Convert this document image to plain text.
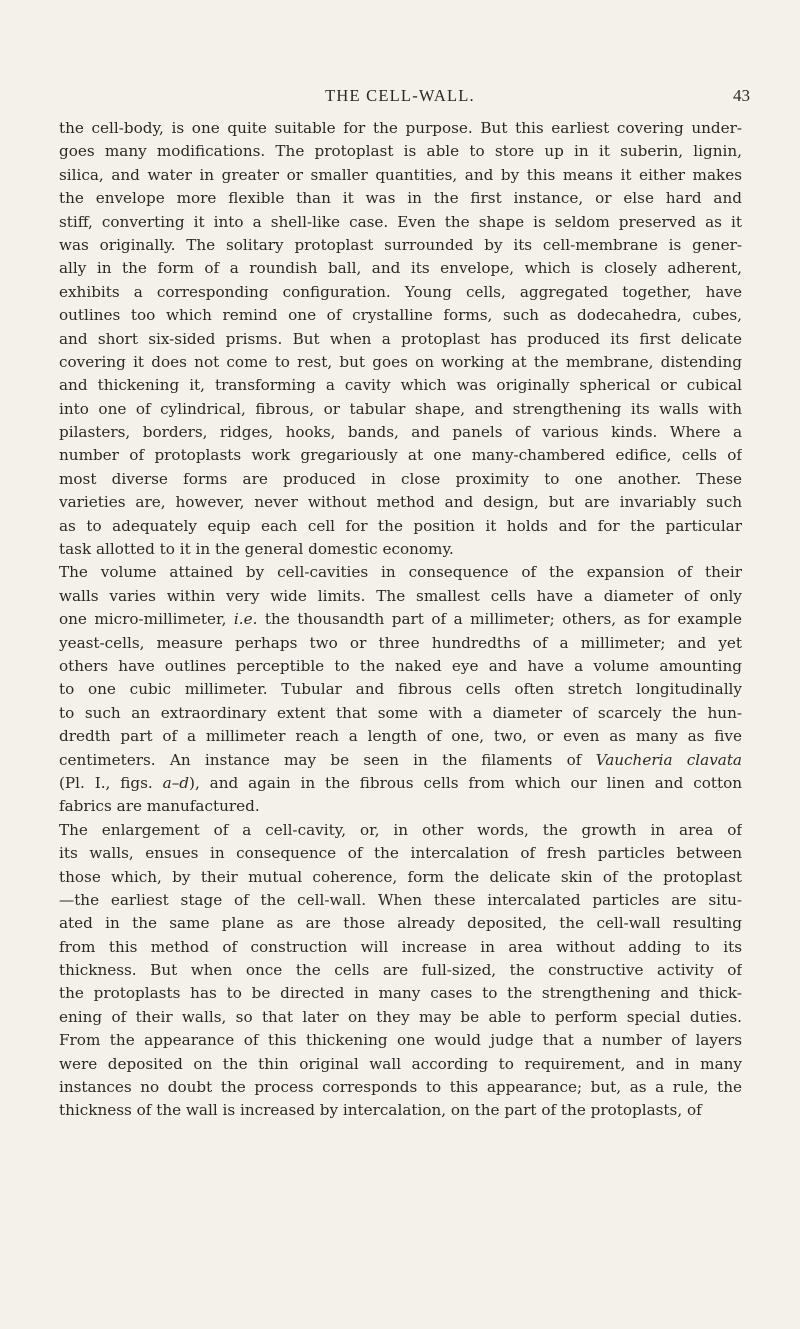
THE CELL-WALL.	43
the cell-body, is one quite suitable for the purpose. But this earliest covering under-
goes many modifications. The protoplast is able to store up in it suberin, lignin,
silica, and water in greater or smaller quantities, and by this means it either makes
the envelope more flexible than it was in the first instance, or else hard and
stiff, converting it into a shell-like case. Even the shape is seldom preserved as it
was originally. The solitary protoplast surrounded by its cell-membrane is gener-
ally in the form of a roundish ball, and its envelope, which is closely adherent,
exhibits a corresponding configuration. Young cells, aggregated together, have
outlines too which remind one of crystalline forms, such as dodecahedra, cubes,
and short six-sided prisms. But when a protoplast has produced its first delicate
covering it does not come to rest, but goes on working at the membrane, distending
and thickening it, transforming a cavity which was originally spherical or cubical
into one of cylindrical, fibrous, or tabular shape, and strengthening its walls with
pilasters, borders, ridges, hooks, bands, and panels of various kinds. Where a
number of protoplasts work gregariously at one many-chambered edifice, cells of
most diverse forms are produced in close proximity to one another. These
varieties are, however, never without method and design, but are invariably such
as to adequately equip each cell for the position it holds and for the particular
task allotted to it in the general domestic economy.
The volume attained by cell-cavities in consequence of the expansion of their
walls varies within very wide limits. The smallest cells have a diameter of only
one micro-millimeter, i.e. the thousandth part of a millimeter; others, as for example
yeast-cells, measure perhaps two or three hundredths of a millimeter; and yet
others have outlines perceptible to the naked eye and have a volume amounting
to one cubic millimeter. Tubular and fibrous cells often stretch longitudinally
to such an extraordinary extent that some with a diameter of scarcely the hun-
dredth part of a millimeter reach a length of one, two, or even as many as five
centimeters. An instance may be seen in the filaments of Vaucheria clavata
(Pl. I., figs. a–d), and again in the fibrous cells from which our linen and cotton
fabrics are manufactured.
The enlargement of a cell-cavity, or, in other words, the growth in area of
its walls, ensues in consequence of the intercalation of fresh particles between
those which, by their mutual coherence, form the delicate skin of the protoplast
—the earliest stage of the cell-wall. When these intercalated particles are situ-
ated in the same plane as are those already deposited, the cell-wall resulting
from this method of construction will increase in area without adding to its
thickness. But when once the cells are full-sized, the constructive activity of
the protoplasts has to be directed in many cases to the strengthening and thick-
ening of their walls, so that later on they may be able to perform special duties.
From the appearance of this thickening one would judge that a number of layers
were deposited on the thin original wall according to requirement, and in many
instances no doubt the process corresponds to this appearance; but, as a rule, the
thickness of the wall is increased by intercalation, on the part of the protoplasts, of
